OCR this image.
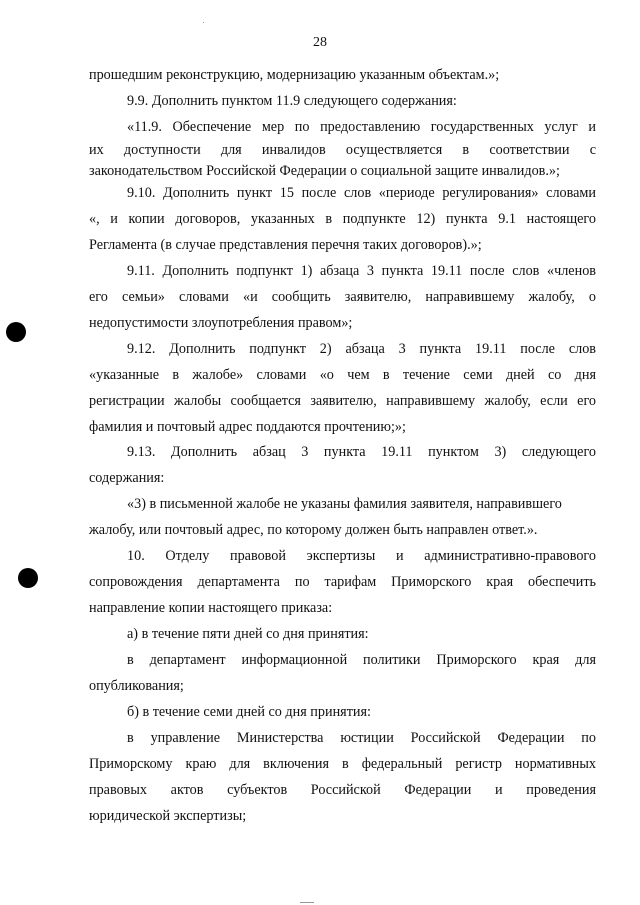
28
прошедшим реконструкцию, модернизацию указанным объектам.»;
9.9. Дополнить пунктом 11.9 следующего содержания:
«11.9. Обеспечение мер по предоставлению государственных услуг и
их доступности для инвалидов осуществляется в соответствии с
законодательством Российской Федерации о социальной защите инвалидов.»;
9.10. Дополнить пункт 15 после слов «периоде регулирования» словами
«, и копии договоров, указанных в подпункте 12) пункта 9.1 настоящего
Регламента (в случае представления перечня таких договоров).»;
9.11. Дополнить подпункт 1) абзаца 3 пункта 19.11 после слов «членов
его семьи» словами «и сообщить заявителю, направившему жалобу, о
недопустимости злоупотребления правом»;
9.12. Дополнить подпункт 2) абзаца 3 пункта 19.11 после слов
«указанные в жалобе» словами «о чем в течение семи дней со дня
регистрации жалобы сообщается заявителю, направившему жалобу, если его
фамилия и почтовый адрес поддаются прочтению;»;
9.13. Дополнить абзац 3 пункта 19.11 пунктом 3) следующего
содержания:
«3) в письменной жалобе не указаны фамилия заявителя, направившего
жалобу, или почтовый адрес, по которому должен быть направлен ответ.».
10. Отделу правовой экспертизы и административно-правового
сопровождения департамента по тарифам Приморского края обеспечить
направление копии настоящего приказа:
а) в течение пяти дней со дня принятия:
в департамент информационной политики Приморского края для
опубликования;
б) в течение семи дней со дня принятия:
в управление Министерства юстиции Российской Федерации по
Приморскому краю для включения в федеральный регистр нормативных
правовых актов субъектов Российской Федерации и проведения
юридической экспертизы;
